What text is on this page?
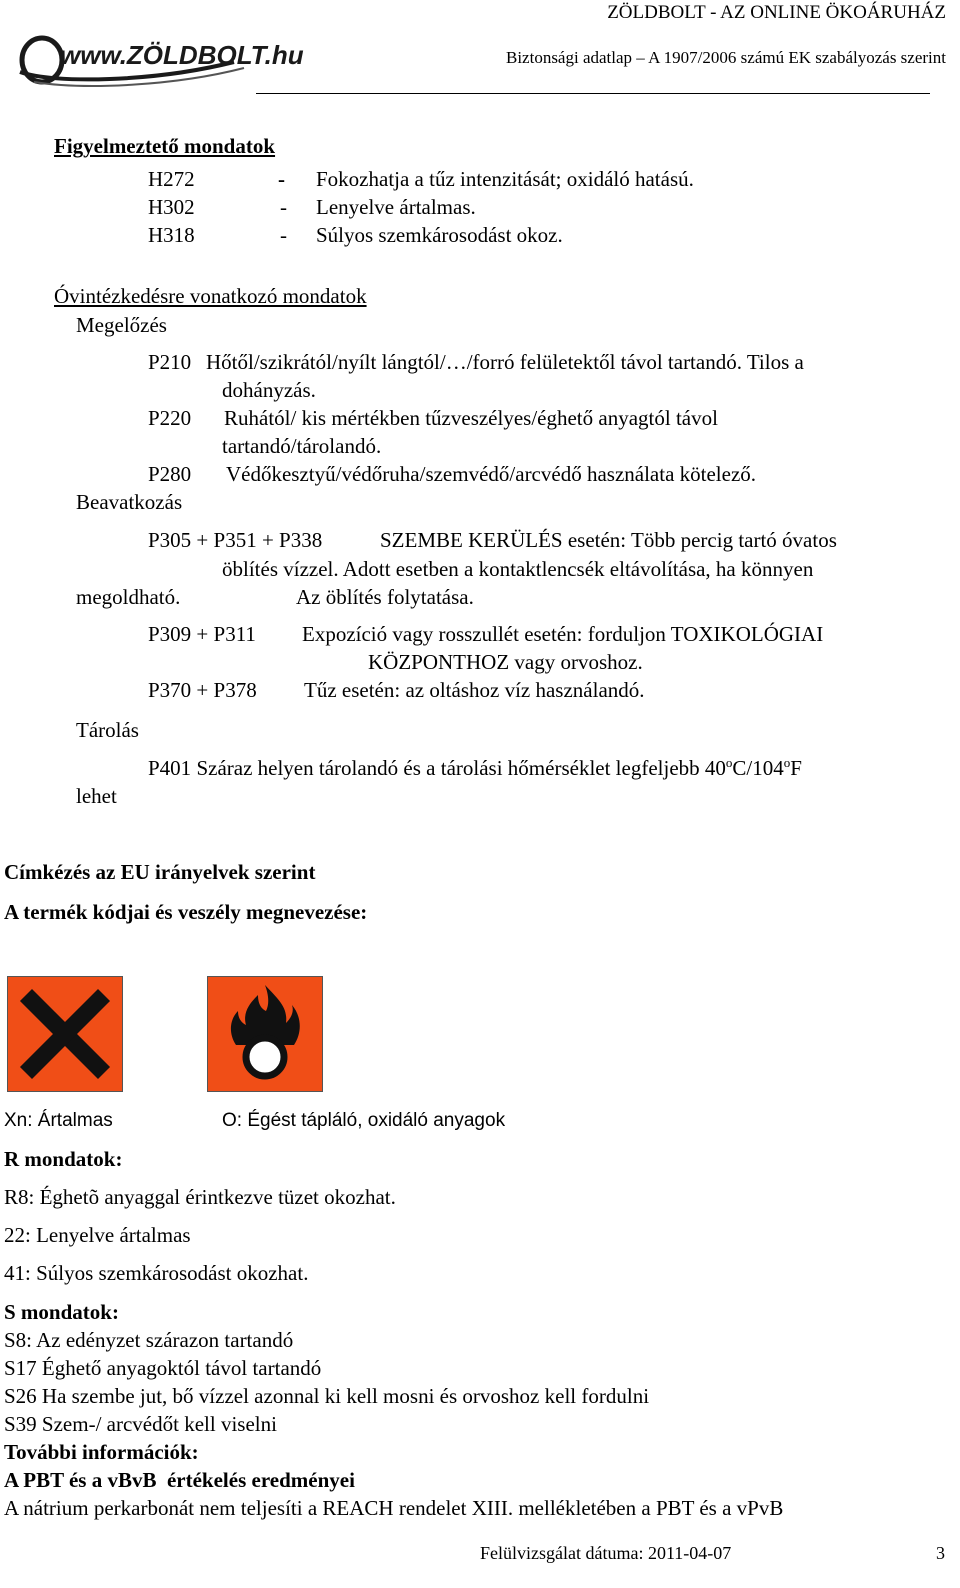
www.ZÖLDBOLT.hu
ZÖLDBOLT - AZ ONLINE ÖKOÁRUHÁZ
Biztonsági adatlap – A 1907/2006 számú EK szabályozás szerint
Figyelmeztető mondatok
H272	- Fokozhatja a tűz intenzitását; oxidáló hatású.
H302	- Lenyelve ártalmas.
H318	- Súlyos szemkárosodást okoz.
Óvintézkedésre vonatkozó mondatok
Megelőzés
P210 Hőtől/szikrától/nyílt lángtól/…/forró felületektől távol tartandó. Tilos a
dohányzás.
P220 Ruhától/ kis mértékben tűzveszélyes/éghető anyagtól távol
tartandó/tárolandó.
P280 Védőkesztyű/védőruha/szemvédő/arcvédő használata kötelező.
Beavatkozás
P305 + P351 + P338	SZEMBE KERÜLÉS esetén: Több percig tartó óvatos
öblítés vízzel. Adott esetben a kontaktlencsék eltávolítása, ha könnyen
megoldható.	Az öblítés folytatása.
P309 + P311 Expozíció vagy rosszullét esetén: forduljon TOXIKOLÓGIAI
KÖZPONTHOZ vagy orvoshoz.
P370 + P378 Tűz esetén: az oltáshoz víz használandó.
Tárolás
P401 Száraz helyen tárolandó és a tárolási hőmérséklet legfeljebb 40$^o$C/104$^o$F
lehet
Címkézés az EU irányelvek szerint
A termék kódjai és veszély megnevezése:
Xn: Ártalmas	O: Égést tápláló, oxidáló anyagok
R mondatok:
R8: Éghetõ anyaggal érintkezve tüzet okozhat.
22: Lenyelve ártalmas
41: Súlyos szemkárosodást okozhat.
S mondatok:
S8: Az edényzet szárazon tartandó
S17 Éghető anyagoktól távol tartandó
S26 Ha szembe jut, bő vízzel azonnal ki kell mosni és orvoshoz kell fordulni
S39 Szem-/ arcvédőt kell viselni
További információk:
A PBT és a vBvB  értékelés eredményei
A nátrium perkarbonát nem teljesíti a REACH rendelet XIII. mellékletében a PBT és a vPvB
Felülvizsgálat dátuma: 2011-04-07	3
